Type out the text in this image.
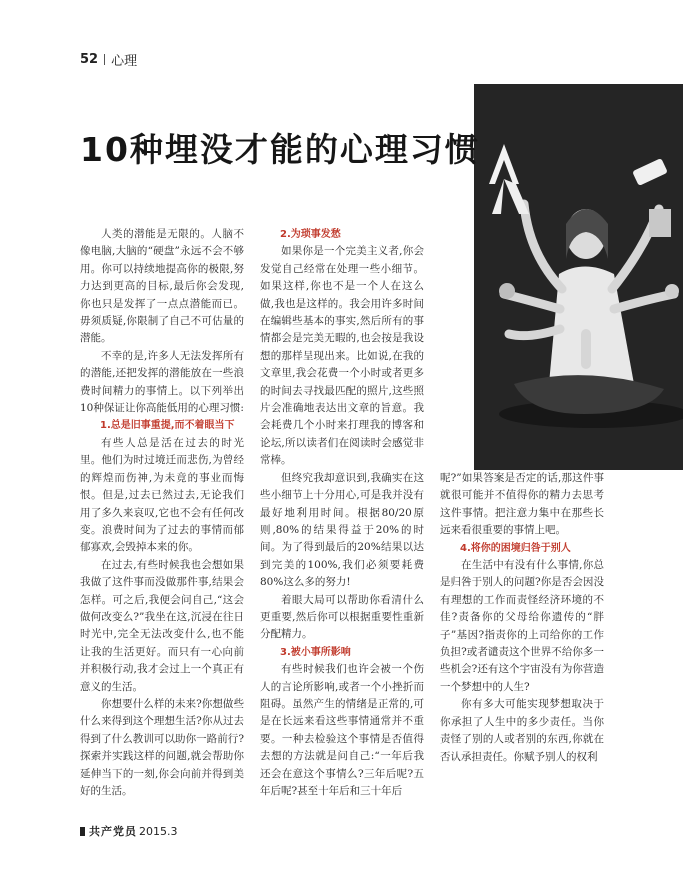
52 心理
10种埋没才能的心理习惯

人类的潜能是无限的。人脑不像电脑,大脑的“硬盘”永远不会不够用。你可以持续地提高你的极限,努力达到更高的目标,最后你会发现,你也只是发挥了一点点潜能而已。毋须质疑,你限制了自己不可估量的潜能。

不幸的是,许多人无法发挥所有的潜能,还把发挥的潜能放在一些浪费时间精力的事情上。以下列举出10种保证让你高能低用的心理习惯:

1.总是旧事重提,而不着眼当下

有些人总是活在过去的时光里。他们为时过境迁而悲伤,为曾经的辉煌而伤神,为未竟的事业而悔恨。但是,过去已然过去,无论我们用了多久来哀叹,它也不会有任何改变。浪费时间为了过去的事情而郁郁寡欢,会毁掉本来的你。

在过去,有些时候我也会想如果我做了这件事而没做那件事,结果会怎样。可之后,我便会问自己,“这会做何改变么?”我坐在这,沉浸在往日时光中,完全无法改变什么,也不能让我的生活更好。而只有一心向前并积极行动,我才会过上一个真正有意义的生活。

你想要什么样的未来?你想做些什么来得到这个理想生活?你从过去得到了什么教训可以助你一路前行?探索并实践这样的问题,就会帮助你延伸当下的一刻,你会向前并得到美好的生活。

2.为琐事发愁

如果你是一个完美主义者,你会发觉自己经常在处理一些小细节。如果这样,你也不是一个人在这么做,我也是这样的。我会用许多时间在编辑些基本的事实,然后所有的事情都会是完美无暇的,也会按是我设想的那样呈现出来。比如说,在我的文章里,我会花费一个小时或者更多的时间去寻找最匹配的照片,这些照片会准确地表达出文章的旨意。我会耗费几个小时来打理我的博客和论坛,所以读者们在阅读时会感觉非常棒。

但终究我却意识到,我确实在这些小细节上十分用心,可是我并没有最好地利用时间。根据80/20原则,80%的结果得益于20%的时间。为了得到最后的20%结果以达到完美的100%,我们必须要耗费80%这么多的努力!

着眼大局可以帮助你看清什么更重要,然后你可以根据重要性重新分配精力。

3.被小事所影响

有些时候我们也许会被一个伤人的言论所影响,或者一个小挫折而阻碍。虽然产生的情绪是正常的,可是在长远来看这些事情通常并不重要。一种去检验这个事情是否值得去想的方法就是问自己:“一年后我还会在意这个事情么?三年后呢?五年后呢?甚至十年后和三十年后

呢?”如果答案是否定的话,那这件事就很可能并不值得你的精力去思考这件事情。把注意力集中在那些长远来看很重要的事情上吧。

4.将你的困境归咎于别人

在生活中有没有什么事情,你总是归咎于别人的问题?你是否会因没有理想的工作而责怪经济环境的不佳?责备你的父母给你遗传的“胖子”基因?指责你的上司给你的工作负担?或者谴责这个世界不给你多一些机会?还有这个宇宙没有为你营造一个梦想中的人生?

你有多大可能实现梦想取决于你承担了人生中的多少责任。当你责怪了别的人或者别的东西,你就在否认承担责任。你赋予别人的权利

共产党员 2015.3
